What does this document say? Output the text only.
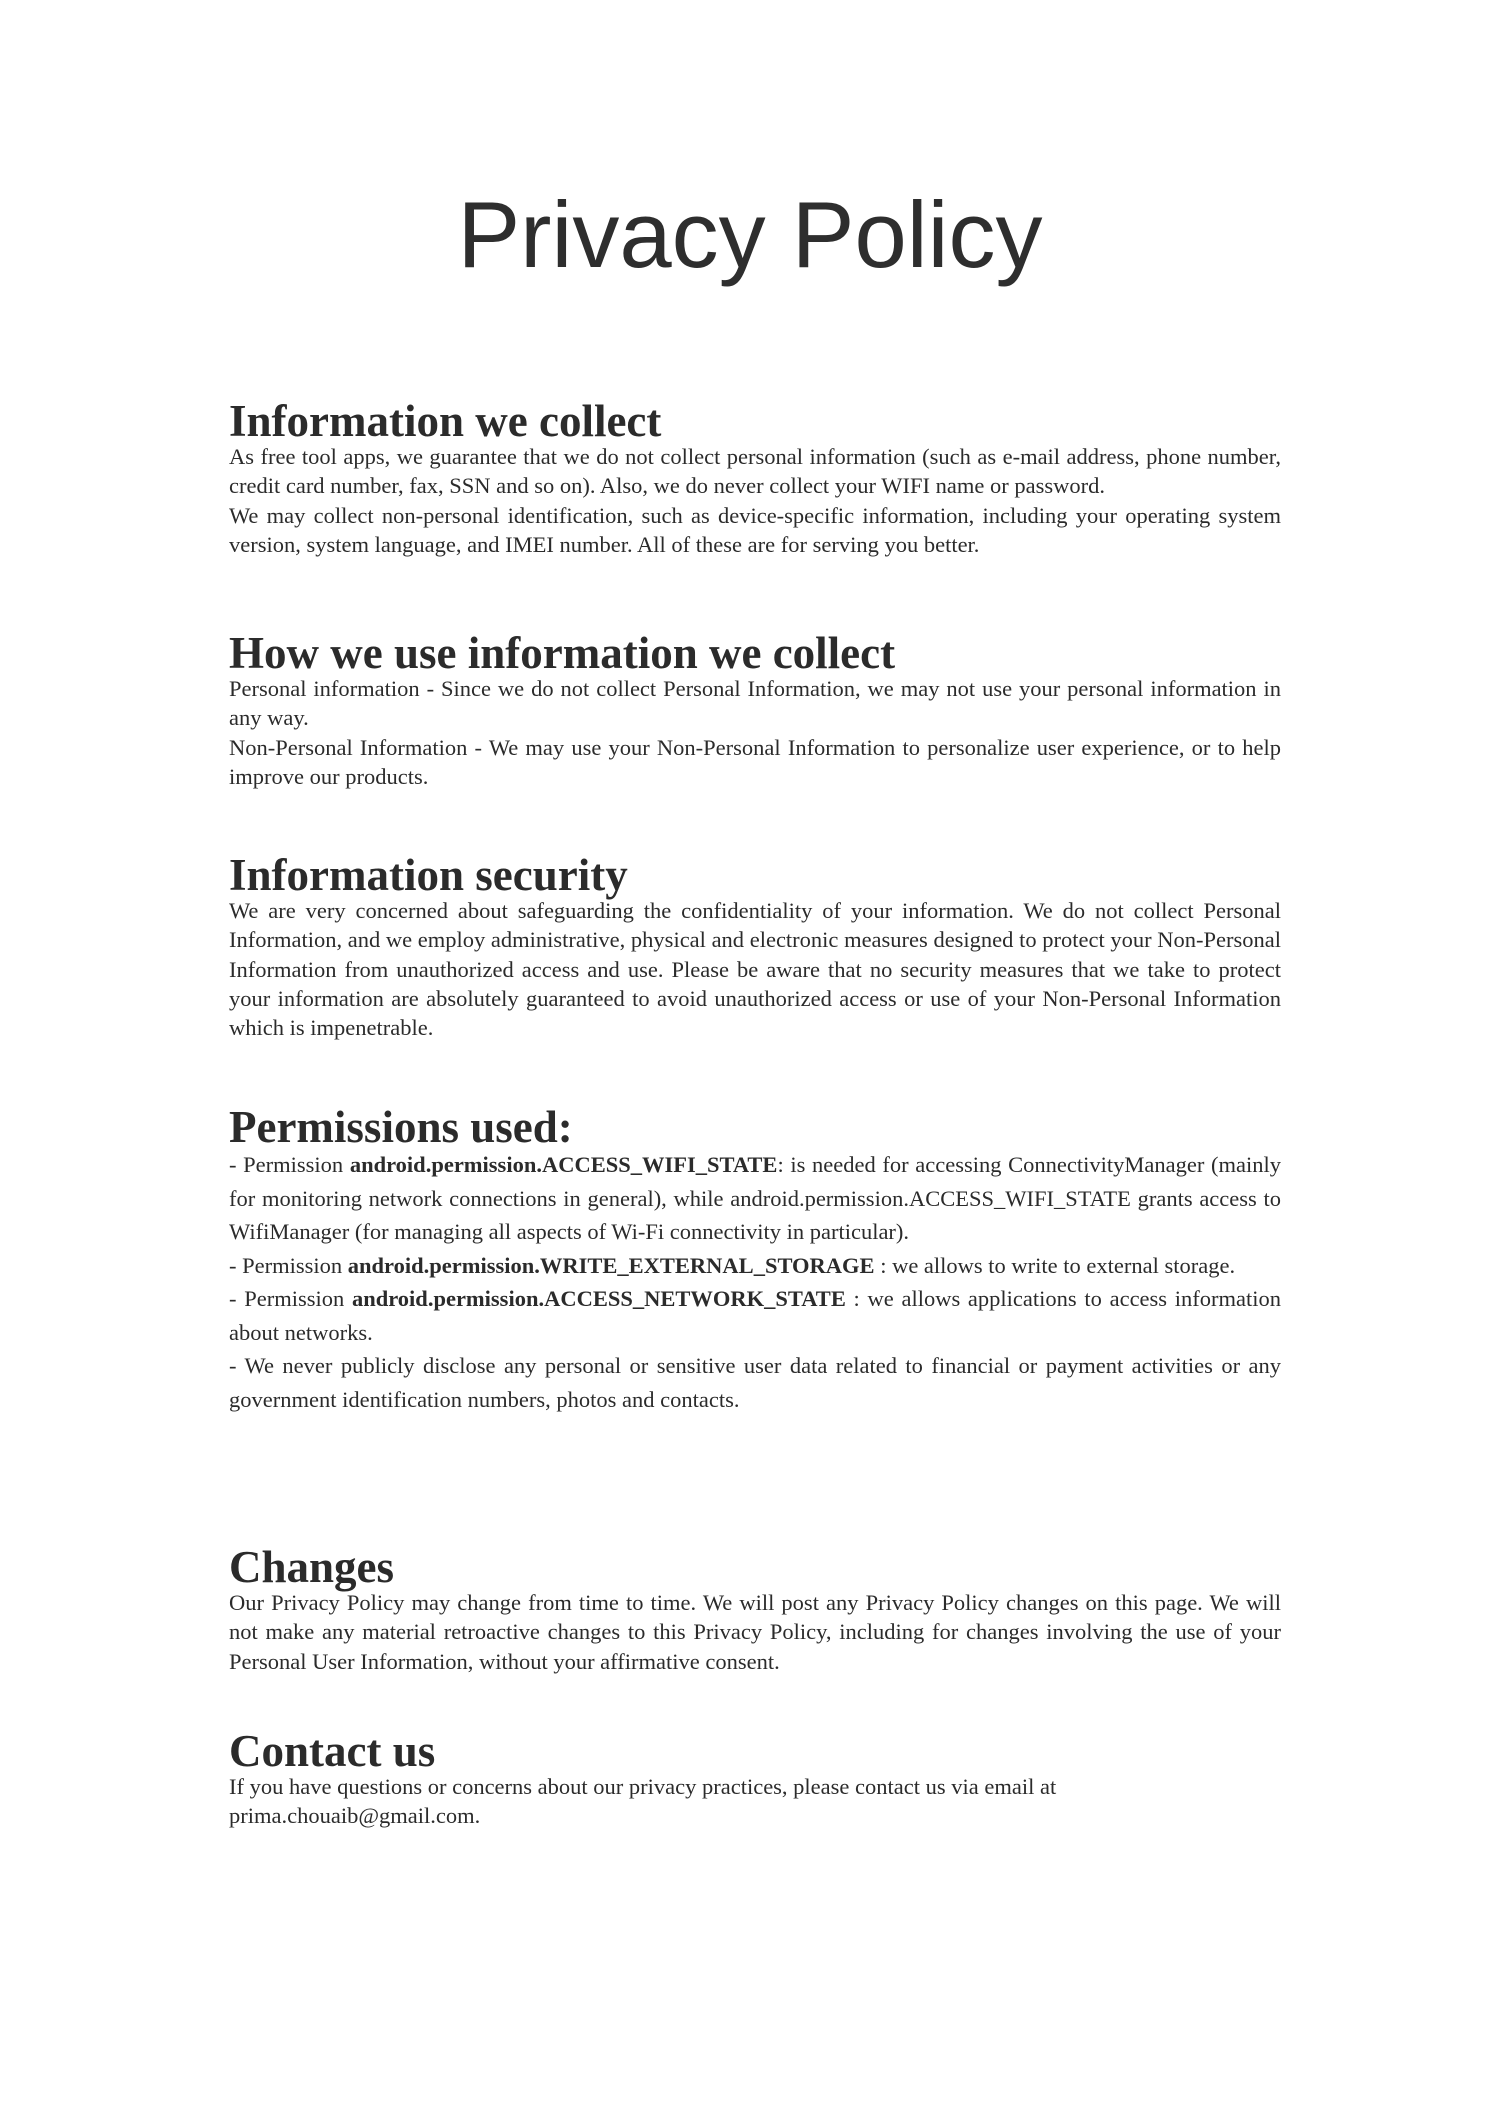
Privacy Policy
Information we collect

As free tool apps, we guarantee that we do not collect personal information (such as e-mail address, phone number, credit card number, fax, SSN and so on). Also, we do never collect your WIFI name or password.

We may collect non-personal identification, such as device-specific information, including your operating system version, system language, and IMEI number. All of these are for serving you better.

How we use information we collect

Personal information - Since we do not collect Personal Information, we may not use your personal information in any way.

Non-Personal Information - We may use your Non-Personal Information to personalize user experience, or to help improve our products.

Information security

We are very concerned about safeguarding the confidentiality of your information. We do not collect Personal Information, and we employ administrative, physical and electronic measures designed to protect your Non-Personal Information from unauthorized access and use. Please be aware that no security measures that we take to protect your information are absolutely guaranteed to avoid unauthorized access or use of your Non-Personal Information which is impenetrable.

Permissions used:

- Permission android.permission.ACCESS_WIFI_STATE: is needed for accessing ConnectivityManager (mainly for monitoring network connections in general), while android.permission.ACCESS_WIFI_STATE grants access to WifiManager (for managing all aspects of Wi-Fi connectivity in particular).

- Permission android.permission.WRITE_EXTERNAL_STORAGE : we allows to write to external storage.

- Permission android.permission.ACCESS_NETWORK_STATE : we allows applications to access information about networks.

- We never publicly disclose any personal or sensitive user data related to financial or payment activities or any government identification numbers, photos and contacts.

Changes

Our Privacy Policy may change from time to time. We will post any Privacy Policy changes on this page. We will not make any material retroactive changes to this Privacy Policy, including for changes involving the use of your Personal User Information, without your affirmative consent.

Contact us

If you have questions or concerns about our privacy practices, please contact us via email at
prima.chouaib@gmail.com.
